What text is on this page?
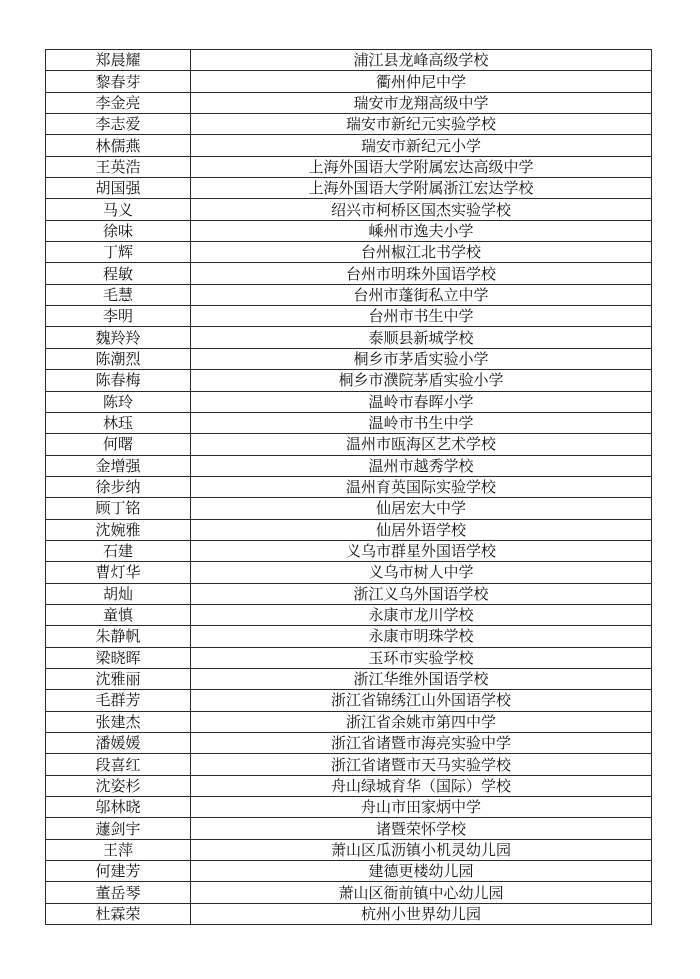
郑晨耀	浦江县龙峰高级学校
黎春芽	衢州仲尼中学
李金亮	瑞安市龙翔高级中学
李志爱	瑞安市新纪元实验学校
林儒燕	瑞安市新纪元小学
王英浩	上海外国语大学附属宏达高级中学
胡国强	上海外国语大学附属浙江宏达学校
马义	绍兴市柯桥区国杰实验学校
徐味	嵊州市逸夫小学
丁辉	台州椒江北书学校
程敏	台州市明珠外国语学校
毛慧	台州市蓬街私立中学
李明	台州市书生中学
魏羚羚	泰顺县新城学校
陈潮烈	桐乡市茅盾实验小学
陈春梅	桐乡市濮院茅盾实验小学
陈玲	温岭市春晖小学
林珏	温岭市书生中学
何曙	温州市瓯海区艺术学校
金增强	温州市越秀学校
徐步纳	温州育英国际实验学校
顾丁铭	仙居宏大中学
沈婉雅	仙居外语学校
石建	义乌市群星外国语学校
曹灯华	义乌市树人中学
胡灿	浙江义乌外国语学校
童慎	永康市龙川学校
朱静帆	永康市明珠学校
梁晓晖	玉环市实验学校
沈雅丽	浙江华维外国语学校
毛群芳	浙江省锦绣江山外国语学校
张建杰	浙江省余姚市第四中学
潘媛媛	浙江省诸暨市海亮实验中学
段喜红	浙江省诸暨市天马实验学校
沈姿杉	舟山绿城育华（国际）学校
邬林晓	舟山市田家炳中学
蘧剑宇	诸暨荣怀学校
王萍	萧山区瓜沥镇小机灵幼儿园
何建芳	建德更楼幼儿园
董岳琴	萧山区衙前镇中心幼儿园
杜霖荣	杭州小世界幼儿园
